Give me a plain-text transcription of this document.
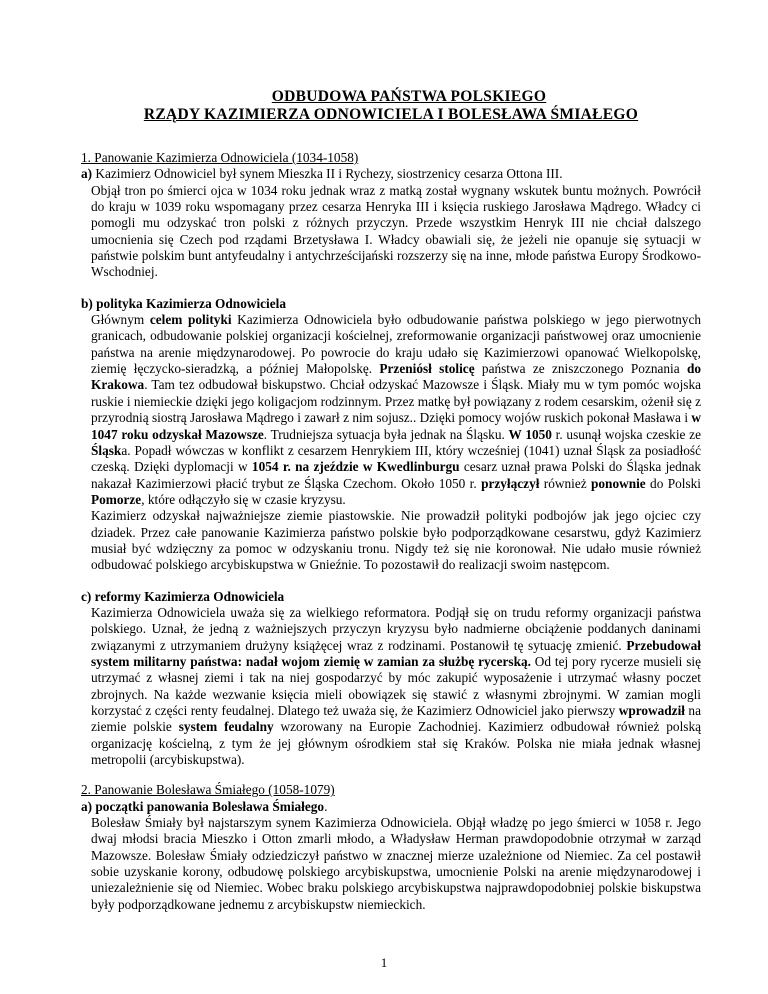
ODBUDOWA PAŃSTWA POLSKIEGO
RZĄDY KAZIMIERZA ODNOWICIELA I BOLESŁAWA ŚMIAŁEGO
1. Panowanie Kazimierza Odnowiciela (1034-1058)
a) Kazimierz Odnowiciel był synem Mieszka II i Rychezy, siostrzenicy cesarza Ottona III.

Objął tron po śmierci ojca w 1034 roku jednak wraz z matką został wygnany wskutek buntu możnych. Powrócił do kraju w 1039 roku wspomagany przez cesarza Henryka III i księcia ruskiego Jarosława Mądrego. Władcy ci pomogli mu odzyskać tron polski z różnych przyczyn. Przede wszystkim Henryk III nie chciał dalszego umocnienia się Czech pod rządami Brzetysława I. Władcy obawiali się, że jeżeli nie opanuje się sytuacji w państwie polskim bunt antyfeudalny i antychrześcijański rozszerzy się na inne, młode państwa Europy Środkowo-Wschodniej.

b) polityka Kazimierza Odnowiciela

Głównym celem polityki Kazimierza Odnowiciela było odbudowanie państwa polskiego w jego pierwotnych granicach, odbudowanie polskiej organizacji kościelnej, zreformowanie organizacji państwowej oraz umocnienie państwa na arenie międzynarodowej. Po powrocie do kraju udało się Kazimierzowi opanować Wielkopolskę, ziemię łęczycko-sieradzką, a później Małopolskę. Przeniósł stolicę państwa ze zniszczonego Poznania do Krakowa. Tam tez odbudował biskupstwo. Chciał odzyskać Mazowsze i Śląsk. Miały mu w tym pomóc wojska ruskie i niemieckie dzięki jego koligacjom rodzinnym. Przez matkę był powiązany z rodem cesarskim, ożenił się z przyrodnią siostrą Jarosława Mądrego i zawarł z nim sojusz.. Dzięki pomocy wojów ruskich pokonał Masława i w 1047 roku odzyskał Mazowsze. Trudniejsza sytuacja była jednak na Śląsku. W 1050 r. usunął wojska czeskie ze Śląska. Popadł wówczas w konflikt z cesarzem Henrykiem III, który wcześniej (1041) uznał Śląsk za posiadłość czeską. Dzięki dyplomacji w 1054 r. na zjeździe w Kwedlinburgu cesarz uznał prawa Polski do Śląska jednak nakazał Kazimierzowi płacić trybut ze Śląska Czechom. Około 1050 r. przyłączył również ponownie do Polski Pomorze, które odłączyło się w czasie kryzysu.

Kazimierz odzyskał najważniejsze ziemie piastowskie. Nie prowadził polityki podbojów jak jego ojciec czy dziadek. Przez całe panowanie Kazimierza państwo polskie było podporządkowane cesarstwu, gdyż Kazimierz musiał być wdzięczny za pomoc w odzyskaniu tronu. Nigdy też się nie koronował. Nie udało musie również odbudować polskiego arcybiskupstwa w Gnieźnie. To pozostawił do realizacji swoim następcom.

c) reformy Kazimierza Odnowiciela

Kazimierza Odnowiciela uważa się za wielkiego reformatora. Podjął się on trudu reformy organizacji państwa polskiego. Uznał, że jedną z ważniejszych przyczyn kryzysu było nadmierne obciążenie poddanych daninami związanymi z utrzymaniem drużyny książęcej wraz z rodzinami. Postanowił tę sytuację zmienić. Przebudował system militarny państwa: nadał wojom ziemię w zamian za służbę rycerską. Od tej pory rycerze musieli się utrzymać z własnej ziemi i tak na niej gospodarzyć by móc zakupić wyposażenie i utrzymać własny poczet zbrojnych. Na każde wezwanie księcia mieli obowiązek się stawić z własnymi zbrojnymi. W zamian mogli korzystać z części renty feudalnej. Dlatego też uważa się, że Kazimierz Odnowiciel jako pierwszy wprowadził na ziemie polskie system feudalny wzorowany na Europie Zachodniej. Kazimierz odbudował również polską organizację kościelną, z tym że jej głównym ośrodkiem stał się Kraków. Polska nie miała jednak własnej metropolii (arcybiskupstwa).

2. Panowanie Bolesława Śmiałego (1058-1079)
a) początki panowania Bolesława Śmiałego.

Bolesław Śmiały był najstarszym synem Kazimierza Odnowiciela. Objął władzę po jego śmierci w 1058 r. Jego dwaj młodsi bracia Mieszko i Otton zmarli młodo, a Władysław Herman prawdopodobnie otrzymał w zarząd Mazowsze. Bolesław Śmiały odziedziczył państwo w znacznej mierze uzależnione od Niemiec. Za cel postawił sobie uzyskanie korony, odbudowę polskiego arcybiskupstwa, umocnienie Polski na arenie międzynarodowej i uniezależnienie się od Niemiec. Wobec braku polskiego arcybiskupstwa najprawdopodobniej polskie biskupstwa były podporządkowane jednemu z arcybiskupstw niemieckich.

1
